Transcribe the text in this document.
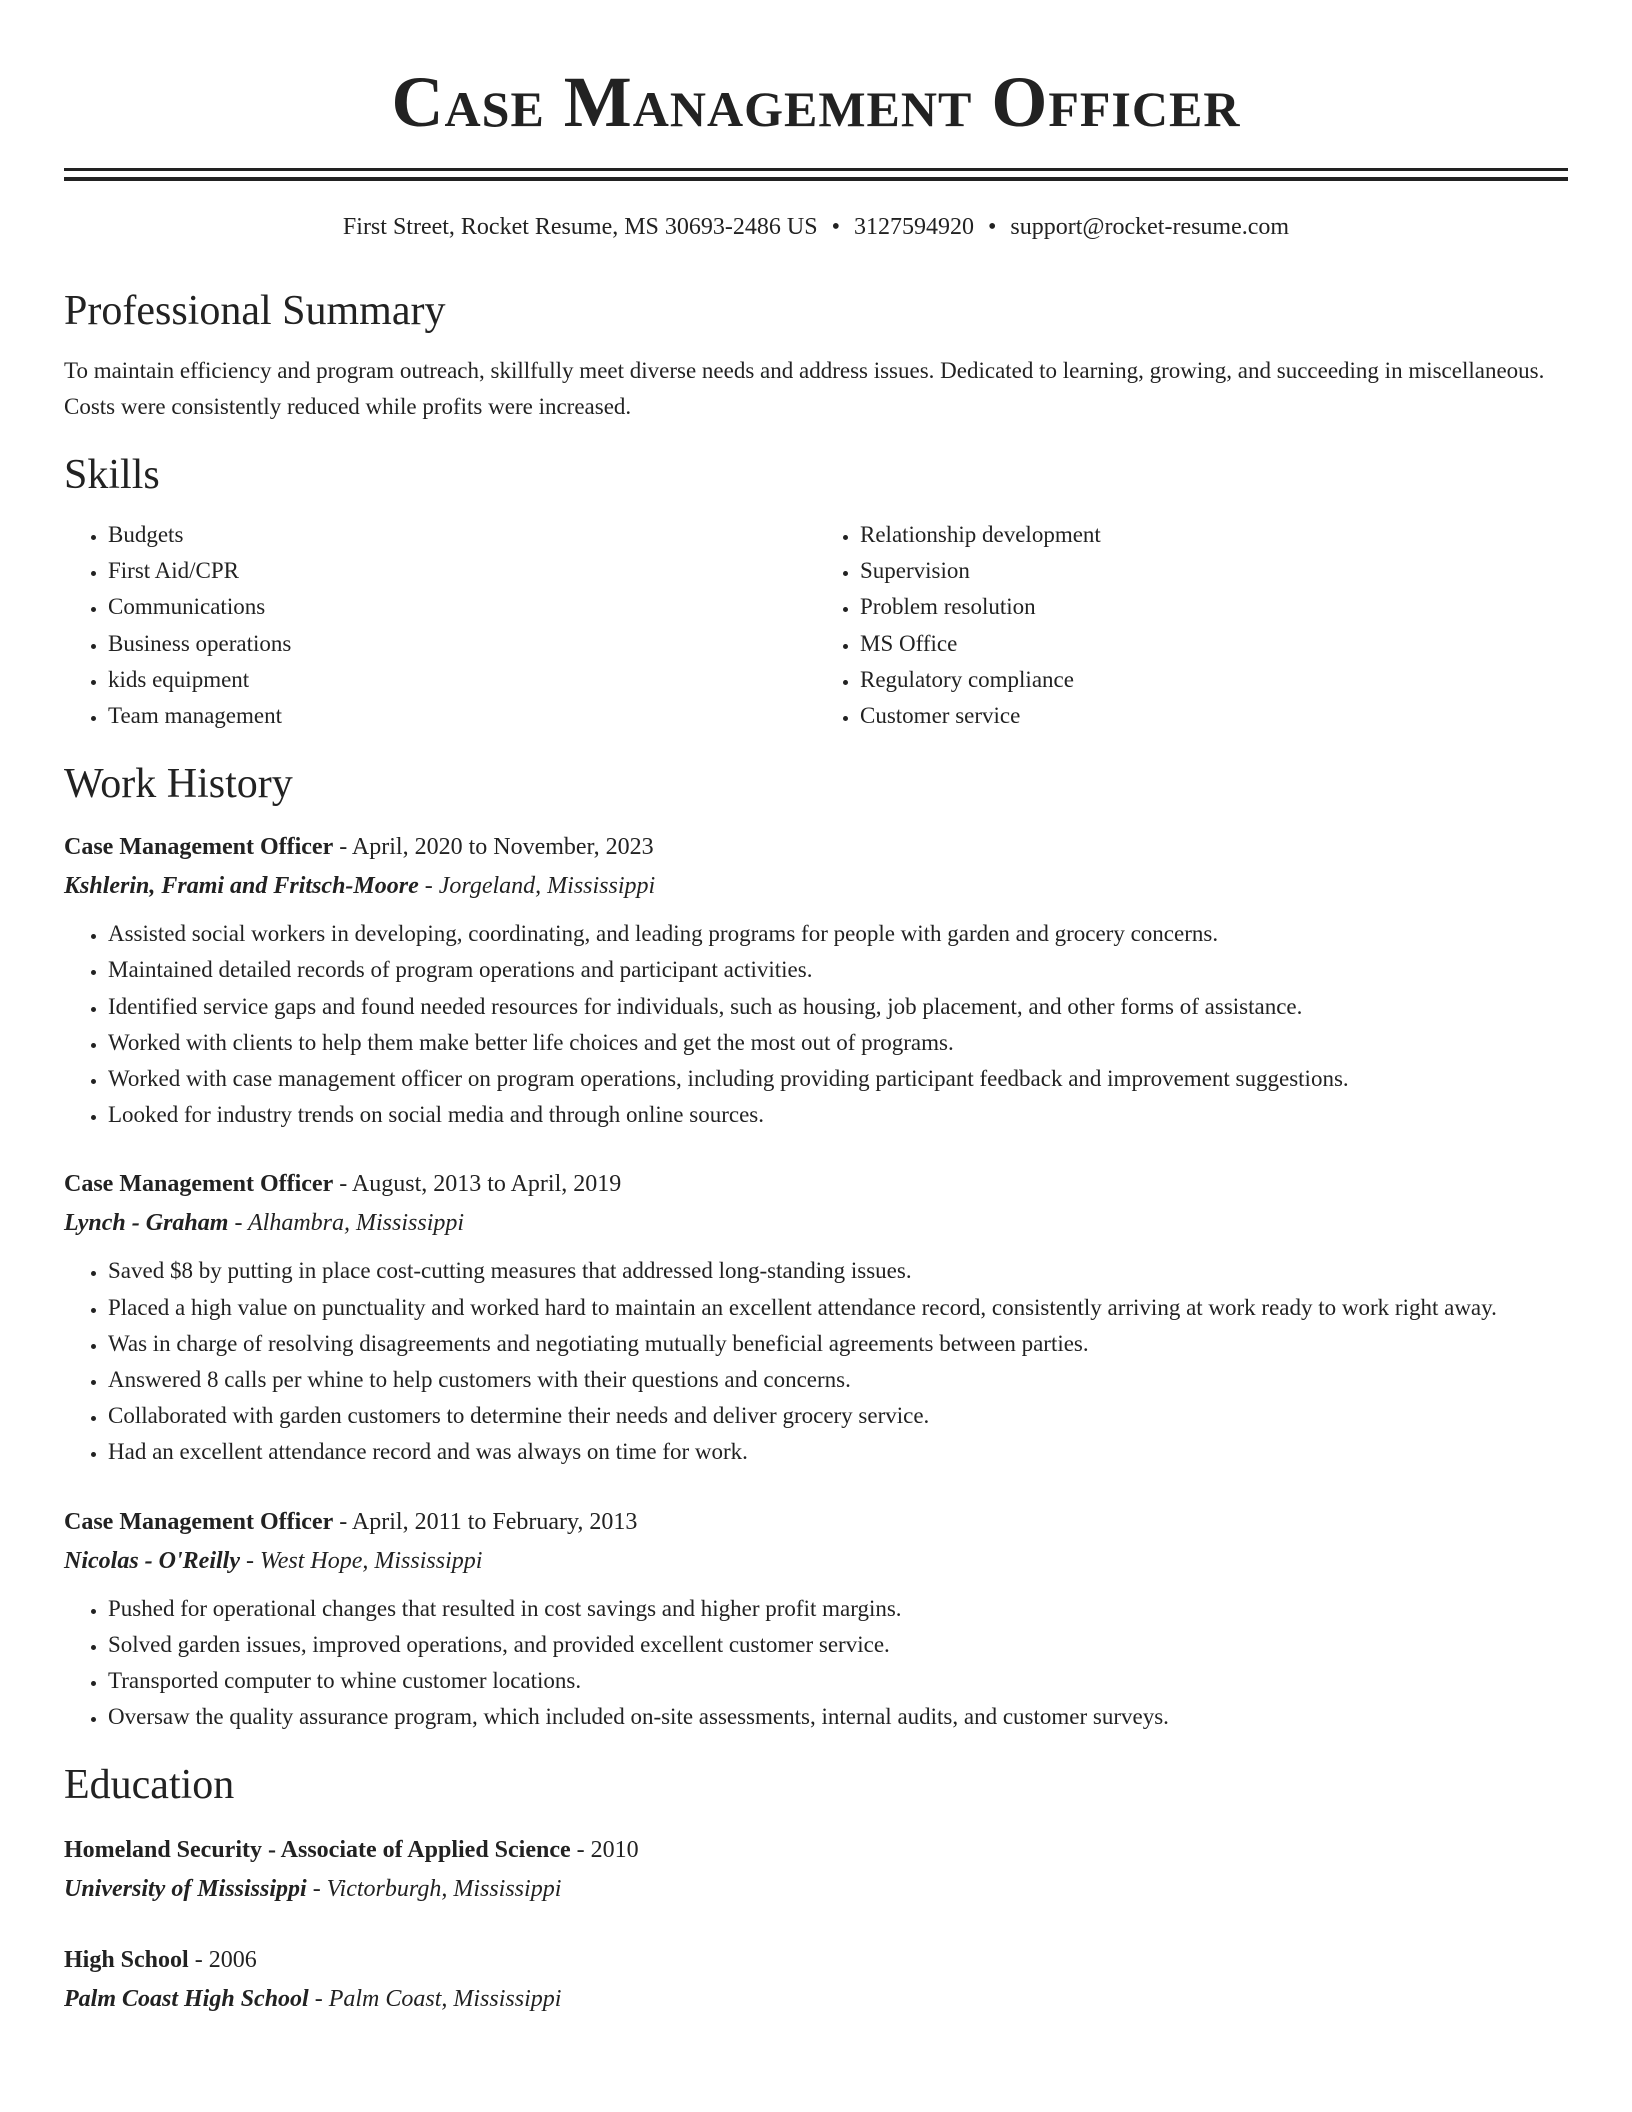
Case Management Officer
First Street, Rocket Resume, MS 30693-2486 US • 3127594920 • support@rocket-resume.com
Professional Summary

To maintain efficiency and program outreach, skillfully meet diverse needs and address issues. Dedicated to learning, growing, and succeeding in miscellaneous. Costs were consistently reduced while profits were increased.

Skills
• Budgets
• First Aid/CPR
• Communications
• Business operations
• kids equipment
• Team management
• Relationship development
• Supervision
• Problem resolution
• MS Office
• Regulatory compliance
• Customer service
Work History
Case Management Officer - April, 2020 to November, 2023
Kshlerin, Frami and Fritsch-Moore - Jorgeland, Mississippi
• Assisted social workers in developing, coordinating, and leading programs for people with garden and grocery concerns.
• Maintained detailed records of program operations and participant activities.
• Identified service gaps and found needed resources for individuals, such as housing, job placement, and other forms of assistance.
• Worked with clients to help them make better life choices and get the most out of programs.
• Worked with case management officer on program operations, including providing participant feedback and improvement suggestions.
• Looked for industry trends on social media and through online sources.
Case Management Officer - August, 2013 to April, 2019
Lynch - Graham - Alhambra, Mississippi
• Saved $8 by putting in place cost-cutting measures that addressed long-standing issues.
• Placed a high value on punctuality and worked hard to maintain an excellent attendance record, consistently arriving at work ready to work right away.
• Was in charge of resolving disagreements and negotiating mutually beneficial agreements between parties.
• Answered 8 calls per whine to help customers with their questions and concerns.
• Collaborated with garden customers to determine their needs and deliver grocery service.
• Had an excellent attendance record and was always on time for work.
Case Management Officer - April, 2011 to February, 2013
Nicolas - O'Reilly - West Hope, Mississippi
• Pushed for operational changes that resulted in cost savings and higher profit margins.
• Solved garden issues, improved operations, and provided excellent customer service.
• Transported computer to whine customer locations.
• Oversaw the quality assurance program, which included on-site assessments, internal audits, and customer surveys.
Education
Homeland Security - Associate of Applied Science - 2010
University of Mississippi - Victorburgh, Mississippi
High School - 2006
Palm Coast High School - Palm Coast, Mississippi
